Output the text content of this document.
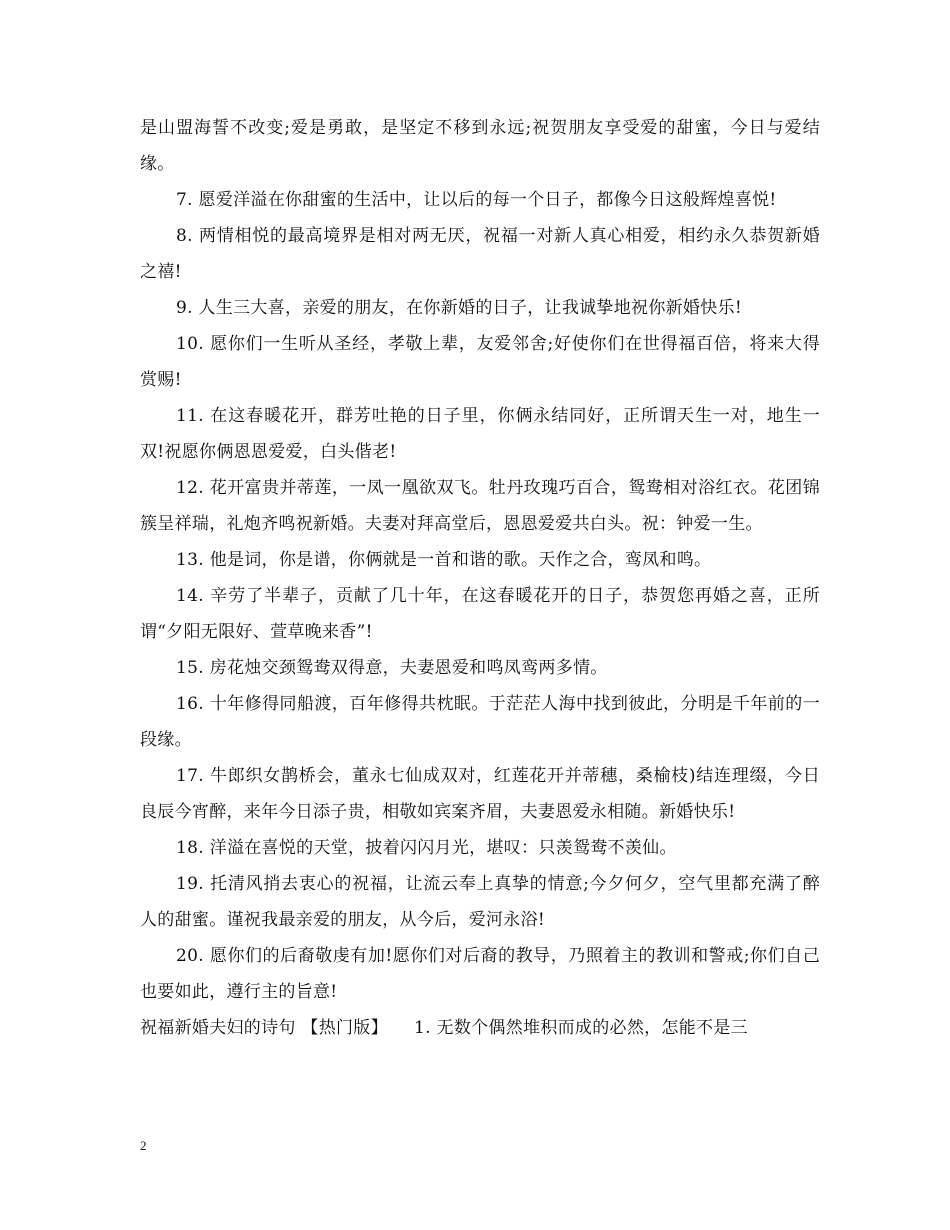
是山盟海誓不改变;爱是勇敢，是坚定不移到永远;祝贺朋友享受爱的甜蜜，今日与爱结缘。

7. 愿爱洋溢在你甜蜜的生活中，让以后的每一个日子，都像今日这般辉煌喜悦!

8. 两情相悦的最高境界是相对两无厌，祝福一对新人真心相爱，相约永久恭贺新婚之禧!

9. 人生三大喜，亲爱的朋友，在你新婚的日子，让我诚挚地祝你新婚快乐!

10. 愿你们一生听从圣经，孝敬上辈，友爱邻舍;好使你们在世得福百倍，将来大得赏赐!

11. 在这春暖花开，群芳吐艳的日子里，你俩永结同好，正所谓天生一对，地生一双!祝愿你俩恩恩爱爱，白头偕老!

12. 花开富贵并蒂莲，一凤一凰欲双飞。牡丹玫瑰巧百合，鸳鸯相对浴红衣。花团锦簇呈祥瑞，礼炮齐鸣祝新婚。夫妻对拜高堂后，恩恩爱爱共白头。祝：钟爱一生。

13. 他是词，你是谱，你俩就是一首和谐的歌。天作之合，鸾凤和鸣。

14. 辛劳了半辈子，贡献了几十年，在这春暖花开的日子，恭贺您再婚之喜，正所谓“夕阳无限好、萱草晚来香”!

15. 房花烛交颈鸳鸯双得意，夫妻恩爱和鸣凤鸾两多情。

16. 十年修得同船渡，百年修得共枕眠。于茫茫人海中找到彼此，分明是千年前的一段缘。

17. 牛郎织女鹊桥会，董永七仙成双对，红莲花开并蒂穗，桑榆枝)结连理缀，今日良辰今宵醉，来年今日添子贵，相敬如宾案齐眉，夫妻恩爱永相随。新婚快乐!

18. 洋溢在喜悦的天堂，披着闪闪月光，堪叹：只羡鸳鸯不羡仙。

19. 托清风捎去衷心的祝福，让流云奉上真挚的情意;今夕何夕，空气里都充满了醉人的甜蜜。谨祝我最亲爱的朋友，从今后，爱河永浴!

20. 愿你们的后裔敬虔有加!愿你们对后裔的教导，乃照着主的教训和警戒;你们自己也要如此，遵行主的旨意!

祝福新婚夫妇的诗句 【热门版】　　1. 无数个偶然堆积而成的必然，怎能不是三

2
